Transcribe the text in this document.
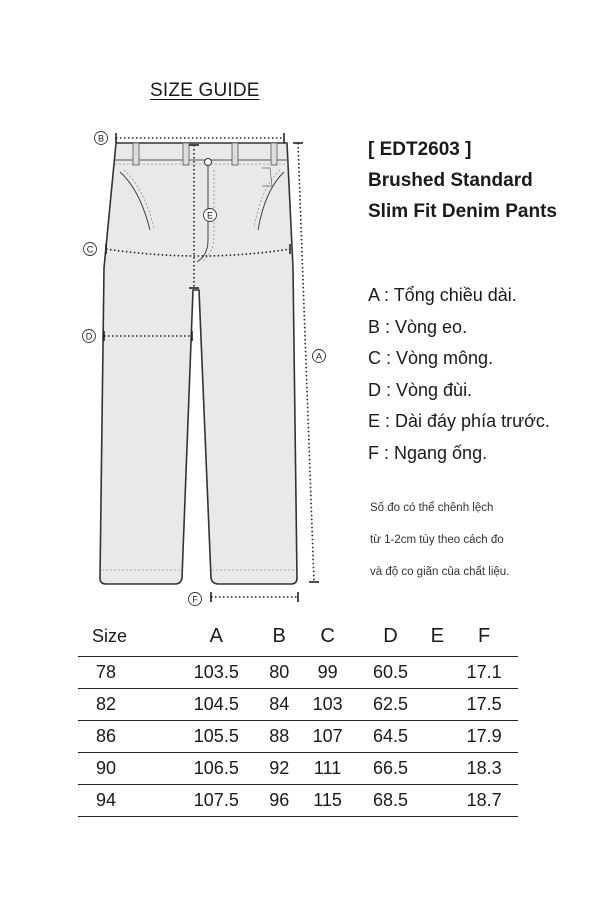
SIZE GUIDE
B
C
D
E
A
F
[ EDT2603 ]
Brushed Standard
Slim Fit Denim Pants
A : Tổng chiều dài.
B : Vòng eo.
C : Vòng mông.
D : Vòng đùi.
E : Dài đáy phía trước.
F : Ngang ống.
Số đo có thể chênh lệch
từ 1-2cm tùy theo cách đo
và độ co giãn của chất liệu.
Size	A	B	C	D	E	F
78	103.5	80	99	60.5		17.1
82	104.5	84	103	62.5		17.5
86	105.5	88	107	64.5		17.9
90	106.5	92	111	66.5		18.3
94	107.5	96	115	68.5		18.7
